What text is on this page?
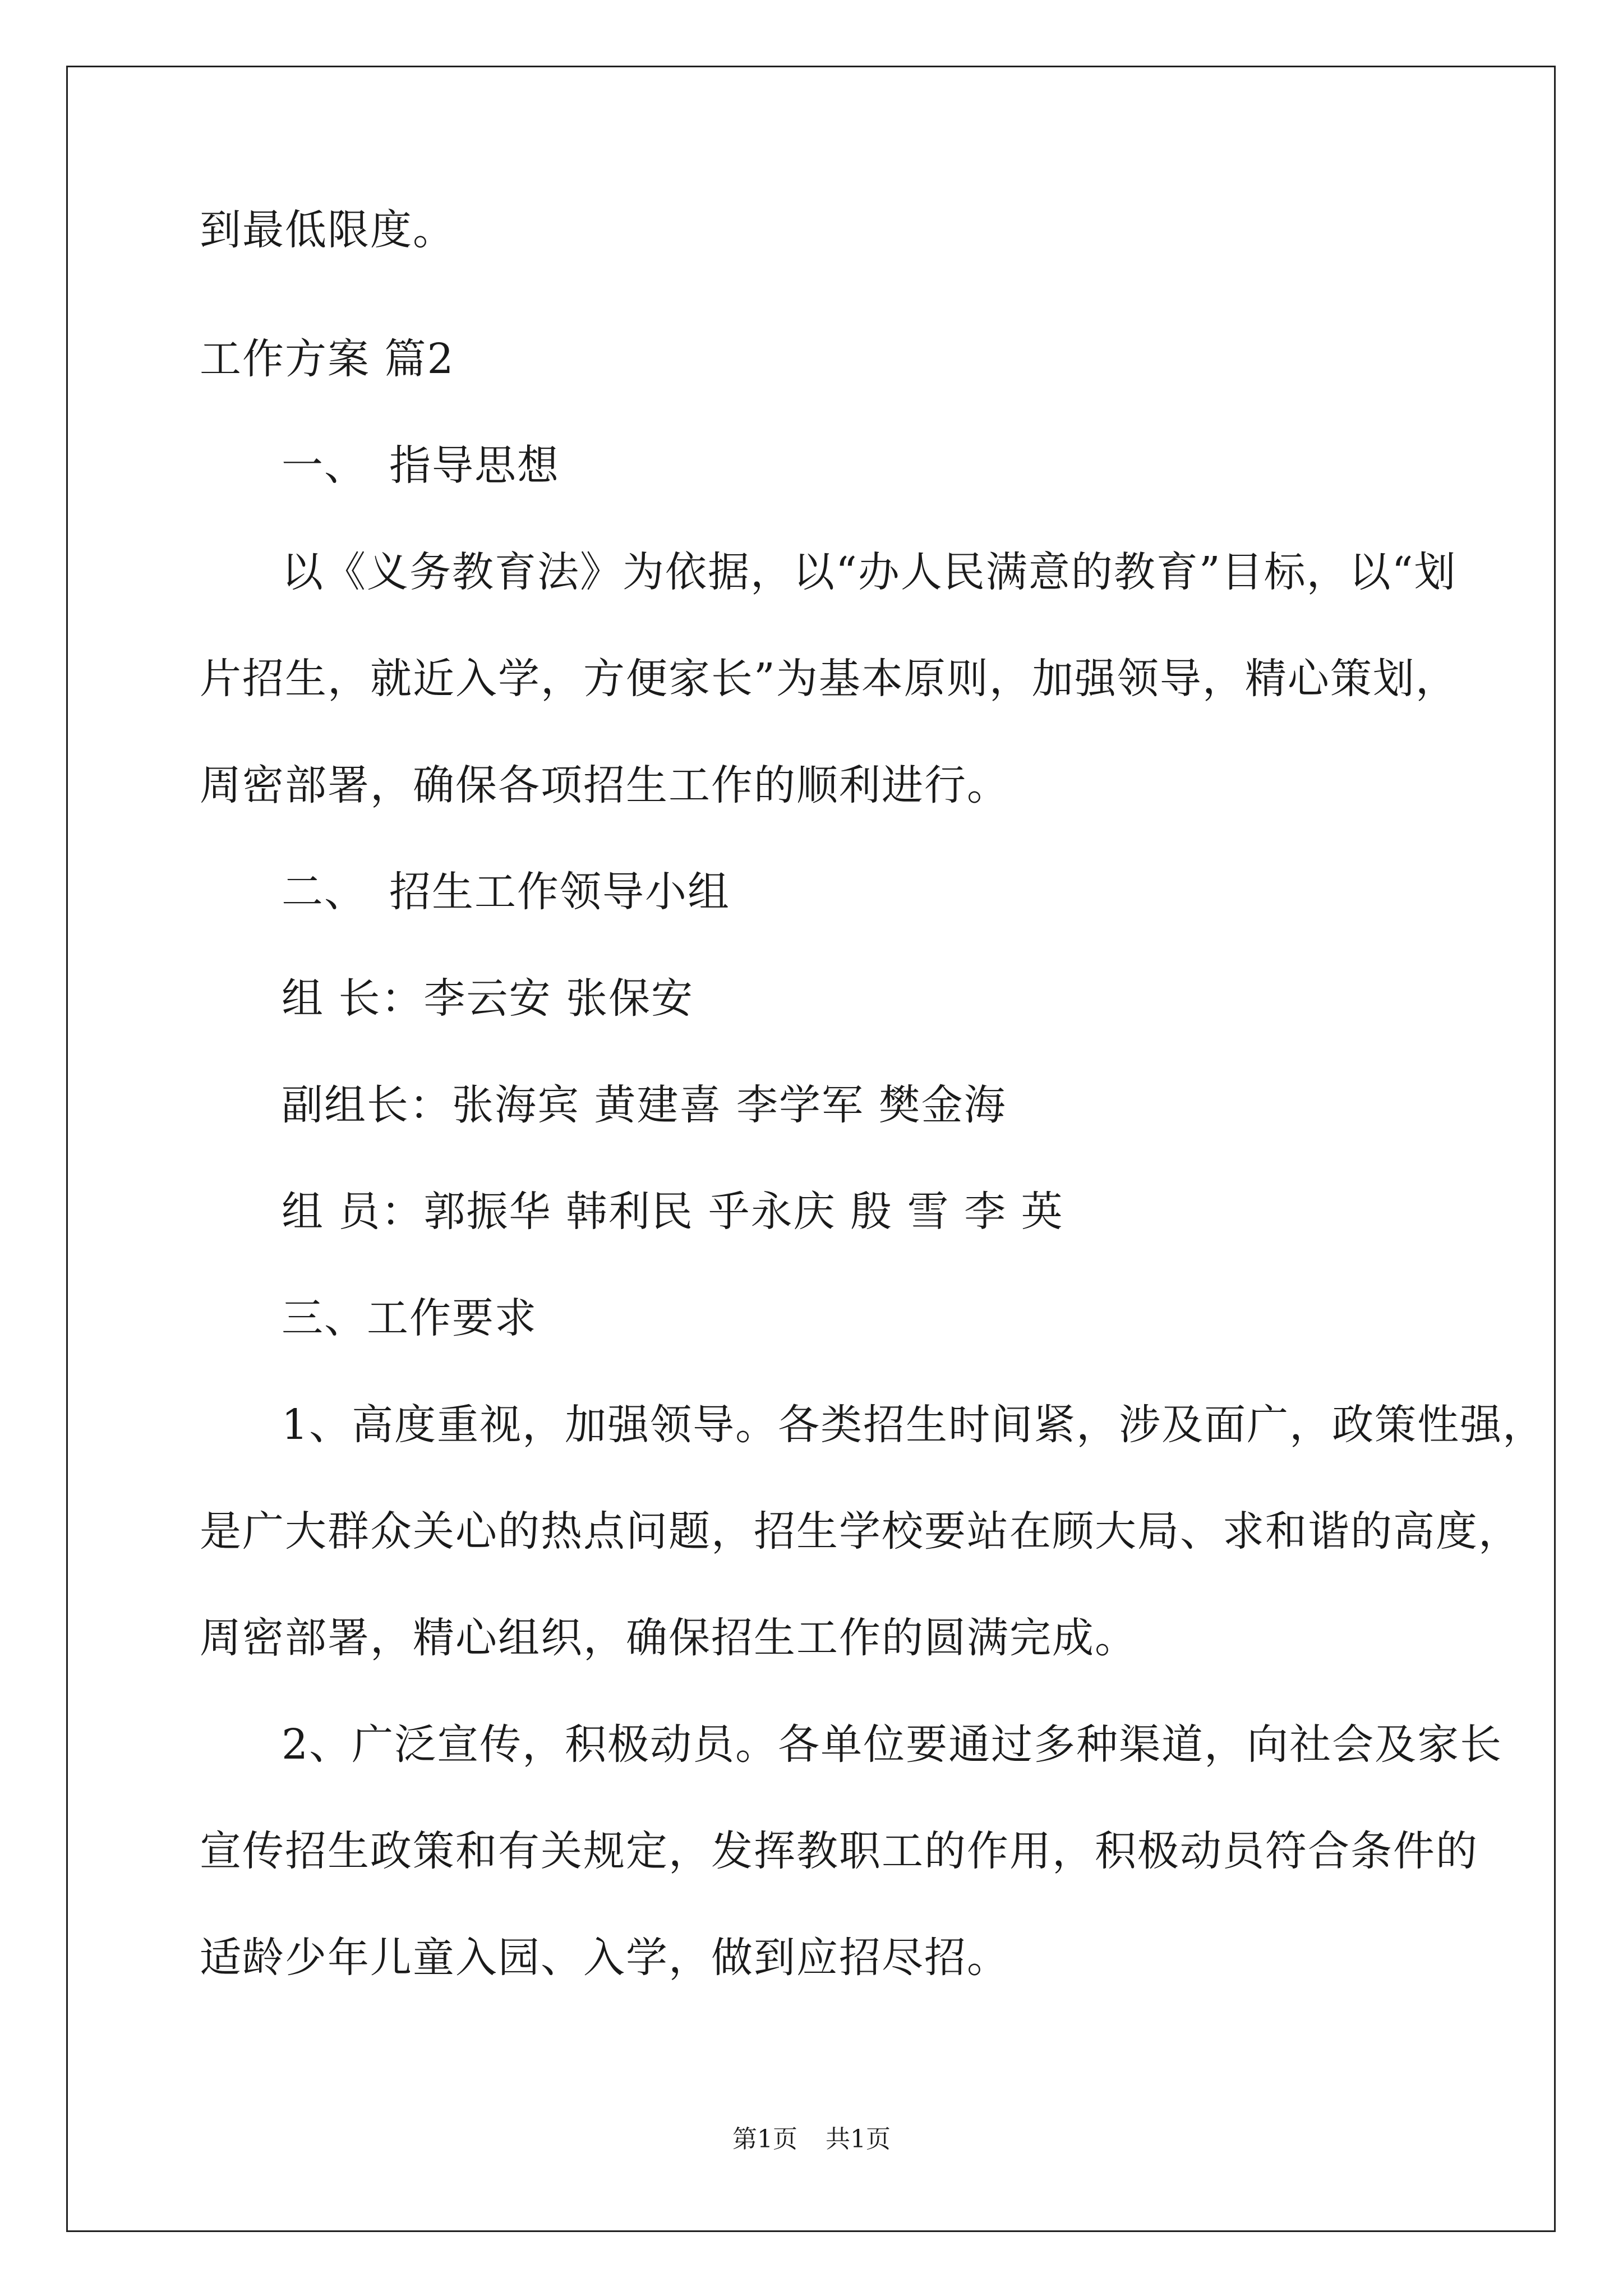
到最低限度。
工作方案 篇2
一、 指导思想
以《义务教育法》为依据，以“办人民满意的教育”目标，以“划
片招生，就近入学，方便家长”为基本原则，加强领导，精心策划，
周密部署，确保各项招生工作的顺利进行。
二、 招生工作领导小组
组 长：李云安 张保安
副组长：张海宾 黄建喜 李学军 樊金海
组 员：郭振华 韩利民 乎永庆 殷 雪 李 英
三、工作要求
1、高度重视，加强领导。各类招生时间紧，涉及面广，政策性强，
是广大群众关心的热点问题，招生学校要站在顾大局、求和谐的高度，
周密部署，精心组织，确保招生工作的圆满完成。
2、广泛宣传，积极动员。各单位要通过多种渠道，向社会及家长
宣传招生政策和有关规定，发挥教职工的作用，积极动员符合条件的
适龄少年儿童入园、入学，做到应招尽招。
第1页 共1页
